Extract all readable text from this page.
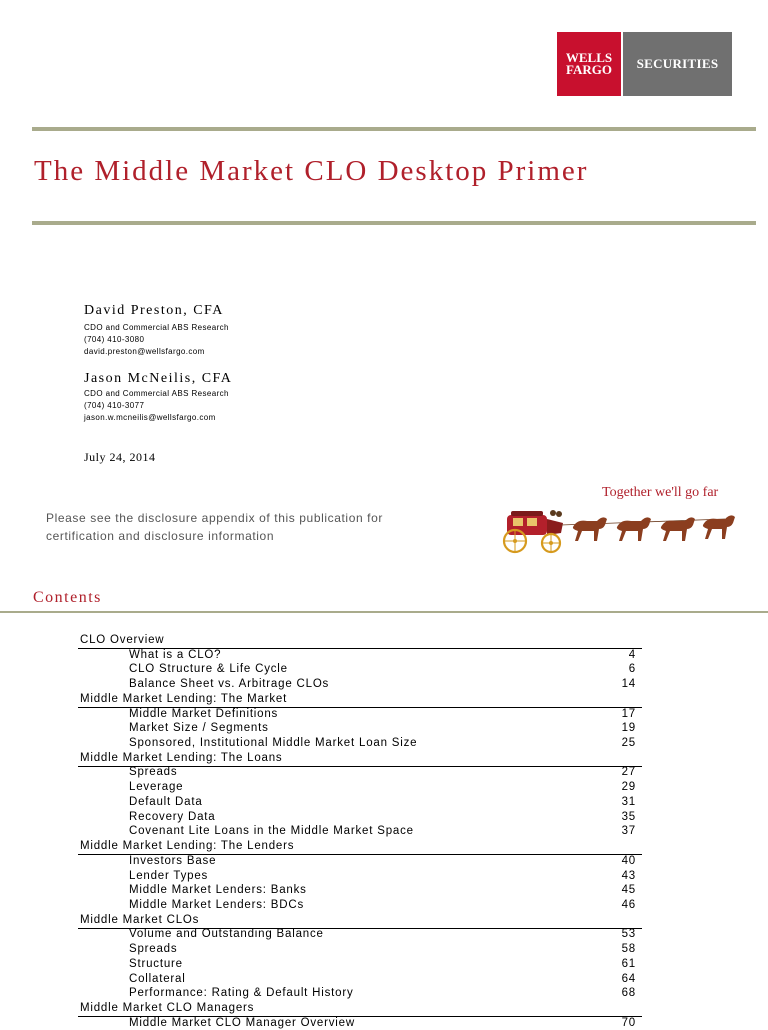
WELLS
FARGO	SECURITIES
The Middle Market CLO Desktop Primer
David Preston, CFA
CDO and Commercial ABS Research
(704) 410-3080
david.preston@wellsfargo.com
Jason McNeilis, CFA
CDO and Commercial ABS Research
(704) 410-3077
jason.w.mcneilis@wellsfargo.com
July 24, 2014
Please see the disclosure appendix of this publication for
certification and disclosure information
Together we'll go far
Contents
CLO Overview
What is a CLO?	4
CLO Structure & Life Cycle	6
Balance Sheet vs. Arbitrage CLOs	14
Middle Market Lending: The Market
Middle Market Definitions	17
Market Size / Segments	19
Sponsored, Institutional Middle Market Loan Size	25
Middle Market Lending: The Loans
Spreads	27
Leverage	29
Default Data	31
Recovery Data	35
Covenant Lite Loans in the Middle Market Space	37
Middle Market Lending: The Lenders
Investors Base	40
Lender Types	43
Middle Market Lenders: Banks	45
Middle Market Lenders: BDCs	46
Middle Market CLOs
Volume and Outstanding Balance	53
Spreads	58
Structure	61
Collateral	64
Performance: Rating & Default History	68
Middle Market CLO Managers
Middle Market CLO Manager Overview	70
